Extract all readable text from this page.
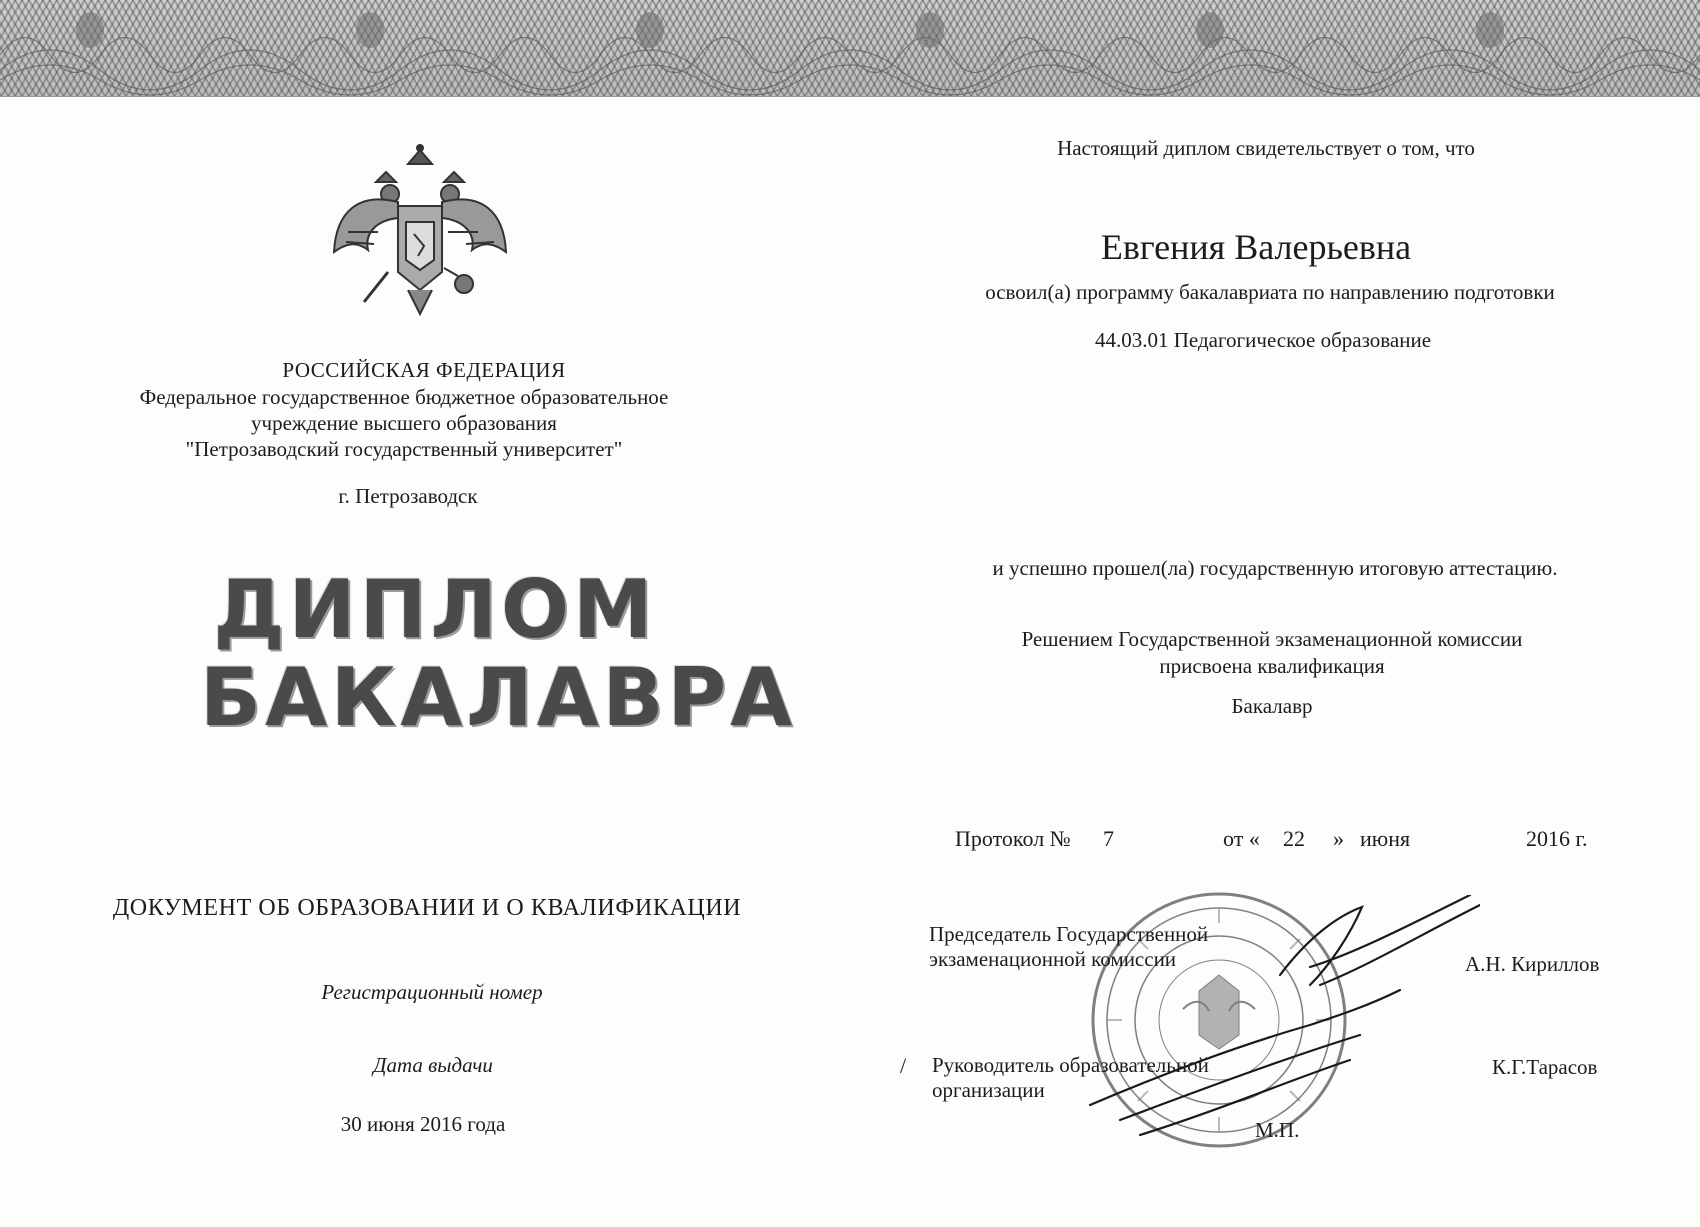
РОССИЙСКАЯ ФЕДЕРАЦИЯ

Федеральное государственное бюджетное образовательное
учреждение высшего образования
"Петрозаводский государственный университет"

г. Петрозаводск

ДИПЛОМ
БАКАЛАВРА

ДОКУМЕНТ ОБ ОБРАЗОВАНИИ И О КВАЛИФИКАЦИИ

Регистрационный номер

Дата выдачи

30 июня 2016 года

Настоящий диплом свидетельствует о том, что

Евгения Валерьевна

освоил(а) программу бакалавриата по направлению подготовки

44.03.01 Педагогическое образование

и успешно прошел(ла) государственную итоговую аттестацию.

Решением Государственной экзаменационной комиссии
присвоена квалификация

Бакалавр

Протокол № 7	от « 22 » июня	2016 г.

Председатель Государственной экзаменационной комиссии	А.Н. Кириллов

/ Руководитель образовательной организации

К.Г.Тарасов

М.П.
